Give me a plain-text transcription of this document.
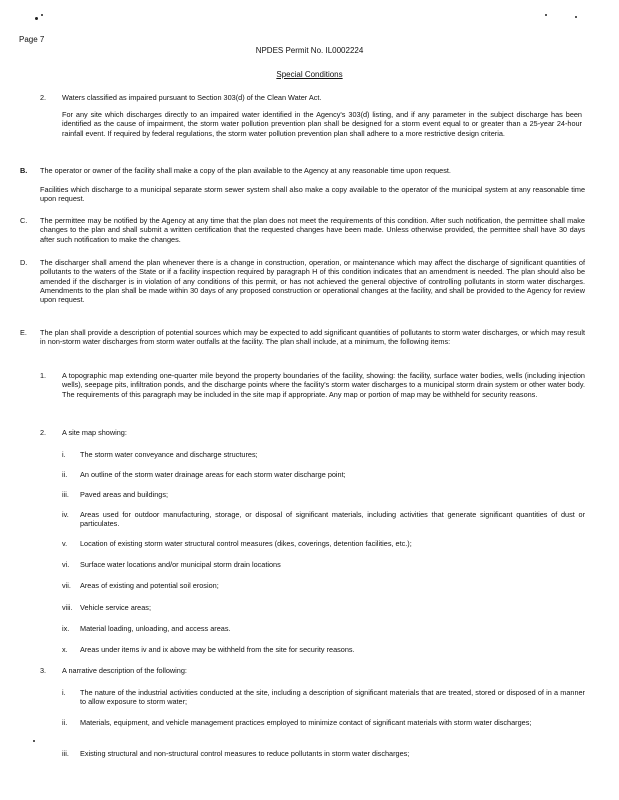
Page 7
NPDES Permit No. IL0002224
Special Conditions
2. Waters classified as impaired pursuant to Section 303(d) of the Clean Water Act.
For any site which discharges directly to an impaired water identified in the Agency's 303(d) listing, and if any parameter in the subject discharge has been identified as the cause of impairment, the storm water pollution prevention plan shall be designed for a storm event equal to or greater than a 25-year 24-hour rainfall event. If required by federal regulations, the storm water pollution prevention plan shall adhere to a more restrictive design criteria.
B. The operator or owner of the facility shall make a copy of the plan available to the Agency at any reasonable time upon request.
Facilities which discharge to a municipal separate storm sewer system shall also make a copy available to the operator of the municipal system at any reasonable time upon request.
C. The permittee may be notified by the Agency at any time that the plan does not meet the requirements of this condition. After such notification, the permittee shall make changes to the plan and shall submit a written certification that the requested changes have been made. Unless otherwise provided, the permittee shall have 30 days after such notification to make the changes.
D. The discharger shall amend the plan whenever there is a change in construction, operation, or maintenance which may affect the discharge of significant quantities of pollutants to the waters of the State or if a facility inspection required by paragraph H of this condition indicates that an amendment is needed. The plan should also be amended if the discharger is in violation of any conditions of this permit, or has not achieved the general objective of controlling pollutants in storm water discharges. Amendments to the plan shall be made within 30 days of any proposed construction or operational changes at the facility, and shall be provided to the Agency for review upon request.
E. The plan shall provide a description of potential sources which may be expected to add significant quantities of pollutants to storm water discharges, or which may result in non-storm water discharges from storm water outfalls at the facility. The plan shall include, at a minimum, the following items:
1. A topographic map extending one-quarter mile beyond the property boundaries of the facility, showing: the facility, surface water bodies, wells (including injection wells), seepage pits, infiltration ponds, and the discharge points where the facility's storm water discharges to a municipal storm drain system or other water body. The requirements of this paragraph may be included in the site map if appropriate. Any map or portion of map may be withheld for security reasons.
2. A site map showing:
i. The storm water conveyance and discharge structures;
ii. An outline of the storm water drainage areas for each storm water discharge point;
iii. Paved areas and buildings;
iv. Areas used for outdoor manufacturing, storage, or disposal of significant materials, including activities that generate significant quantities of dust or particulates.
v. Location of existing storm water structural control measures (dikes, coverings, detention facilities, etc.);
vi. Surface water locations and/or municipal storm drain locations
vii. Areas of existing and potential soil erosion;
viii. Vehicle service areas;
ix. Material loading, unloading, and access areas.
x. Areas under items iv and ix above may be withheld from the site for security reasons.
3. A narrative description of the following:
i. The nature of the industrial activities conducted at the site, including a description of significant materials that are treated, stored or disposed of in a manner to allow exposure to storm water;
ii. Materials, equipment, and vehicle management practices employed to minimize contact of significant materials with storm water discharges;
iii. Existing structural and non-structural control measures to reduce pollutants in storm water discharges;
